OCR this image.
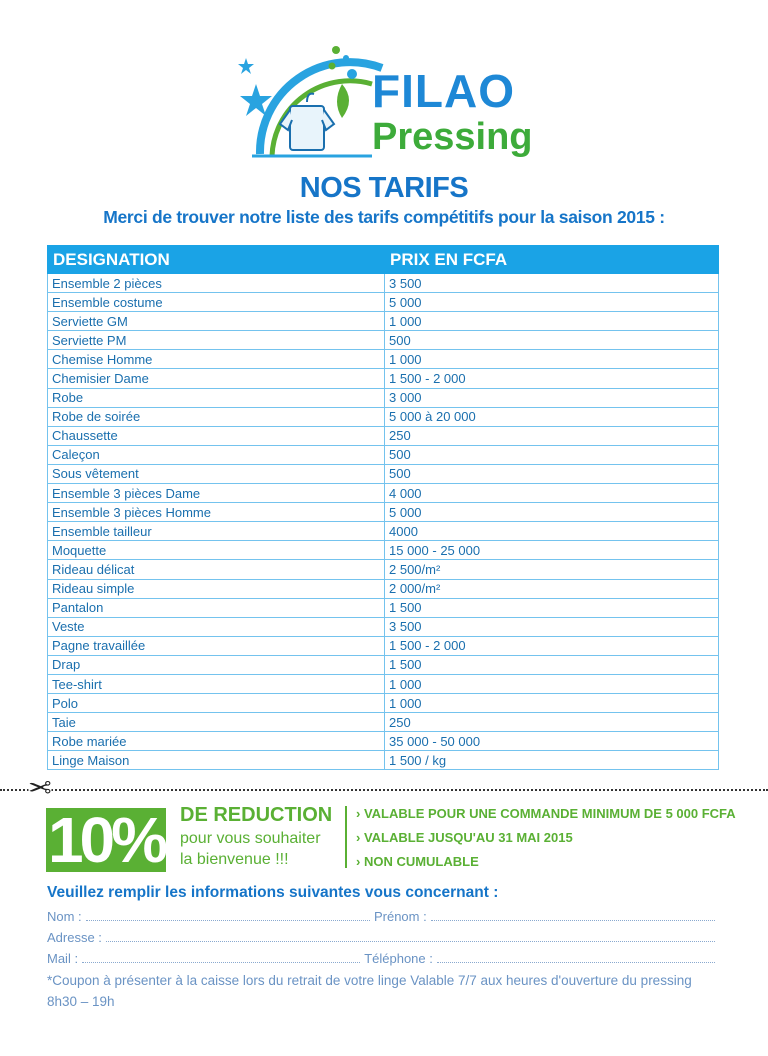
FILAO
Pressing
NOS TARIFS
Merci de trouver notre liste des tarifs compétitifs pour la saison 2015 :
DESIGNATION	PRIX EN FCFA
Ensemble 2 pièces	3 500
Ensemble costume	5 000
Serviette GM	1 000
Serviette PM	500
Chemise Homme	1 000
Chemisier Dame	1 500 - 2 000
Robe	3 000
Robe de soirée	5 000 à 20 000
Chaussette	250
Caleçon	500
Sous vêtement	500
Ensemble 3 pièces Dame	4 000
Ensemble 3 pièces Homme	5 000
Ensemble tailleur	4000
Moquette	15 000 - 25 000
Rideau délicat	2 500/m²
Rideau simple	2 000/m²
Pantalon	1 500
Veste	3 500
Pagne travaillée	1 500 - 2 000
Drap	1 500
Tee-shirt	1 000
Polo	1 000
Taie	250
Robe mariée	35 000 - 50 000
Linge Maison	1 500 / kg
✂
10% DE REDUCTION
pour vous souhaiter
la bienvenue !!!
› VALABLE POUR UNE COMMANDE MINIMUM DE 5 000 FCFA
› VALABLE JUSQU'AU 31 MAI 2015
› NON CUMULABLE
Veuillez remplir les informations suivantes vous concernant :
Nom :	Prénom :
Adresse :
Mail :	Téléphone :
*Coupon à présenter à la caisse lors du retrait de votre linge Valable 7/7 aux heures d'ouverture du pressing 8h30 – 19h
